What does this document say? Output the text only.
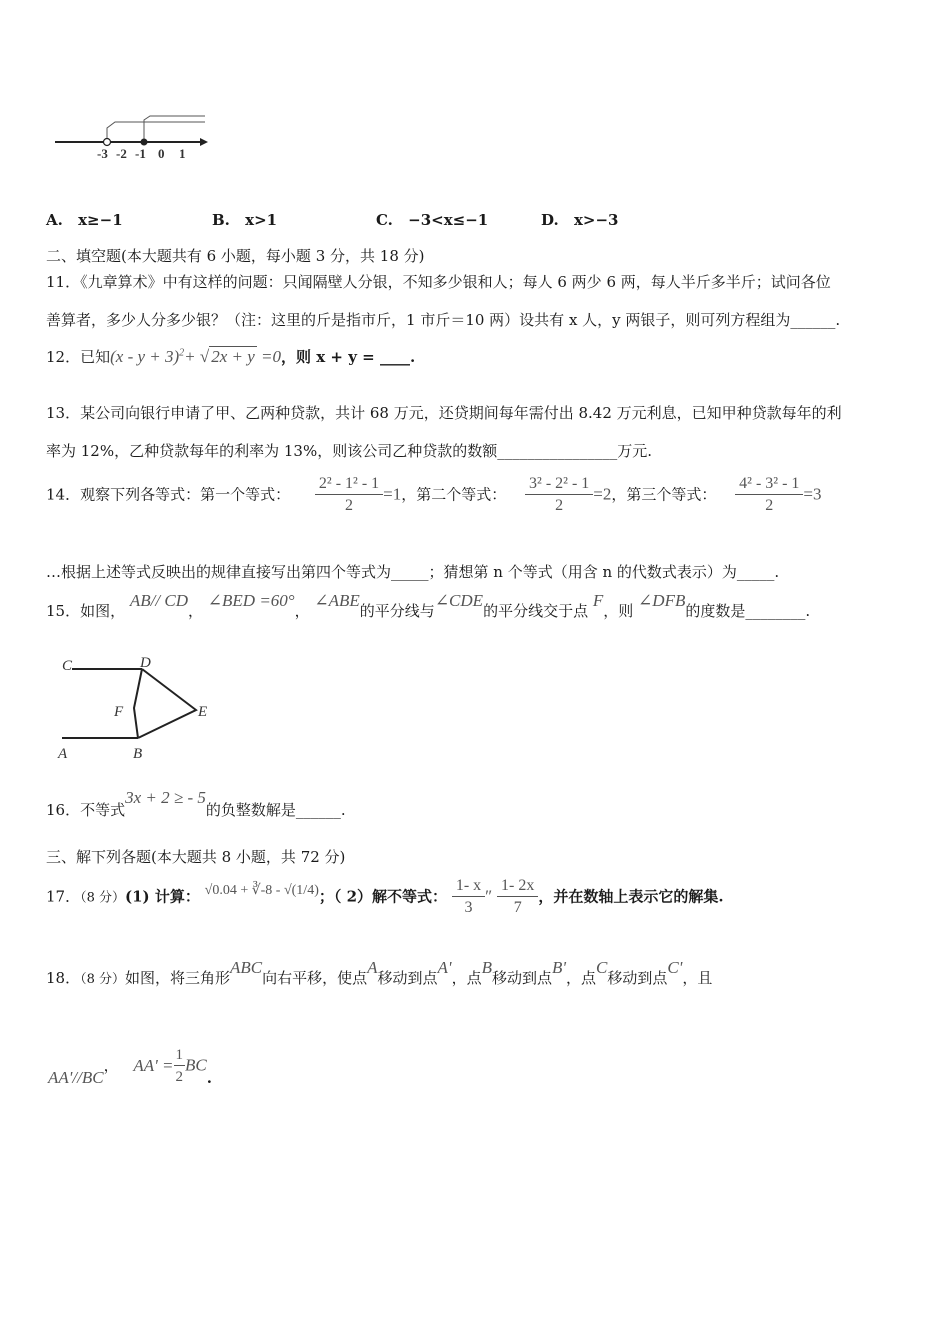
-3 -2 -1 0 1
A. x≥−1	B. x>1	C. −3<x≤−1	D. x>−3
二、填空题(本大题共有 6 小题，每小题 3 分，共 18 分)
11．《九章算术》中有这样的问题：只闻隔壁人分银，不知多少银和人；每人 6 两少 6 两，每人半斤多半斤；试问各位
善算者，多少人分多少银？（注：这里的斤是指市斤，1 市斤＝10 两）设共有 x 人，y 两银子，则可列方程组为______.
12．已知$(x - y + 3)^2+$ √ 2x + y =0，则 x + y = ____.
13．某公司向银行申请了甲、乙两种贷款，共计 68 万元，还贷期间每年需付出 8.42 万元利息，已知甲种贷款每年的利
率为 12%，乙种贷款每年的利率为 13%，则该公司乙种贷款的数额________________万元.
14．观察下列各等式：第一个等式： $\frac{\text{2² - 1² - 1}}{2} =1$，第二个等式： $\frac{\text{3² - 2² - 1}}{2} =2$，第三个等式： $\frac{\text{4² - 3² - 1}}{2} =3$
…根据上述等式反映出的规律直接写出第四个等式为_____；猜想第 n 个等式（用含 n 的代数式表示）为_____.
15．如图， AB// CD， ∠BED =60°， ∠ABE的平分线与∠CDE的平分线交于点 F，则 ∠DFB的度数是________.
C	D
F	E
A	B
16．不等式3x + 2 ≥ - 5的负整数解是______.
三、解下列各题(本大题共 8 小题，共 72 分)
17．（8 分）(1) 计算： √0.04 + ∛-8 - √(1/4)；（ 2）解不等式： $\frac{1- x}{3}$ ″ $\frac{1- 2x}{7}$ ，并在数轴上表示它的解集.
18．（8 分）如图，将三角形ABC向右平移，使点A移动到点A'，点B移动到点B'，点C移动到点C'，且
AA'//BC， $AA' = \frac{1}{2}$ BC.
